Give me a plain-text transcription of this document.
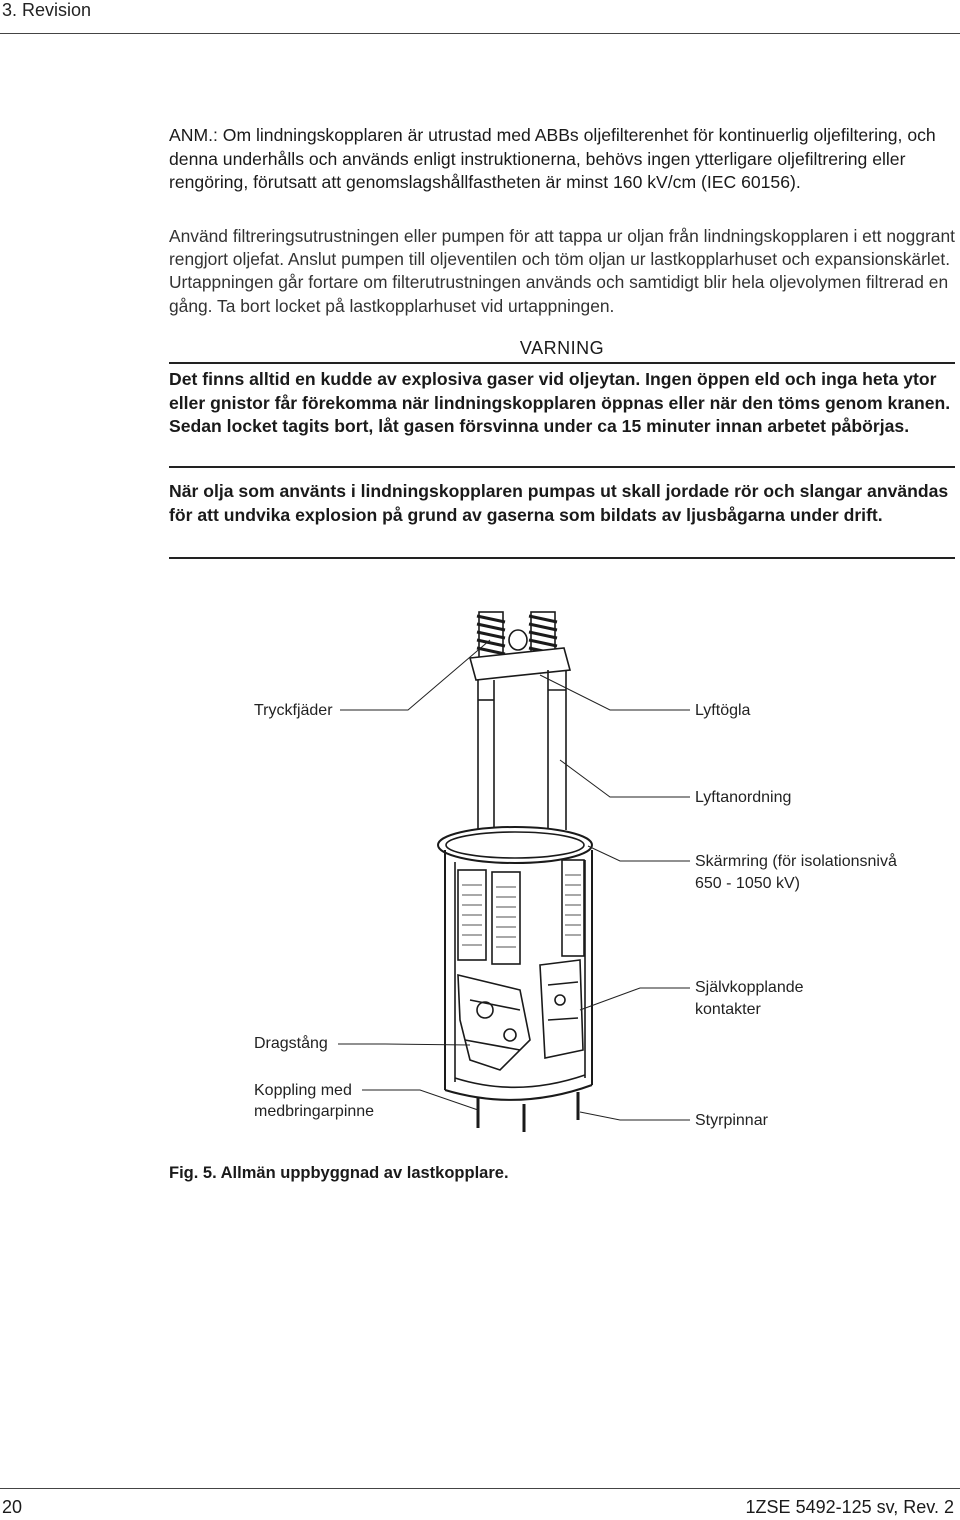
3. Revision
ANM.: Om lindningskopplaren är utrustad med ABBs oljefilterenhet för kontinuerlig oljefiltering, och denna underhålls och används enligt instruktionerna, behövs ingen ytterligare oljefiltrering eller rengöring, förutsatt att genomslagshållfastheten är minst 160 kV/cm (IEC 60156).
Använd filtreringsutrustningen eller pumpen för att tappa ur oljan från lindningskopplaren i ett noggrant rengjort oljefat. Anslut pumpen till oljeventilen och töm oljan ur lastkopplarhuset och expansionskärlet. Urtappningen går fortare om filterutrustningen används och samtidigt blir hela oljevolymen filtrerad en gång. Ta bort locket på lastkopplarhuset vid urtappningen.
VARNING
Det finns alltid en kudde av explosiva gaser vid oljeytan. Ingen öppen eld och inga heta ytor eller gnistor får förekomma när lindningskopplaren öppnas eller när den töms genom kranen. Sedan locket tagits bort, låt gasen försvinna under ca 15 minuter innan arbetet påbörjas.
När olja som använts i lindningskopplaren pumpas ut skall jordade rör och slangar användas för att undvika explosion på grund av gaserna som bildats av ljusbågarna under drift.
Tryckfjäder	Lyftögla
Lyftanordning
Skärmring (för isolationsnivå
650 - 1050 kV)
Självkopplande
kontakter
Dragstång
Koppling med
medbringarpinne
Styrpinnar
Fig. 5. Allmän uppbyggnad av lastkopplare.
20	1ZSE 5492-125 sv, Rev. 2
